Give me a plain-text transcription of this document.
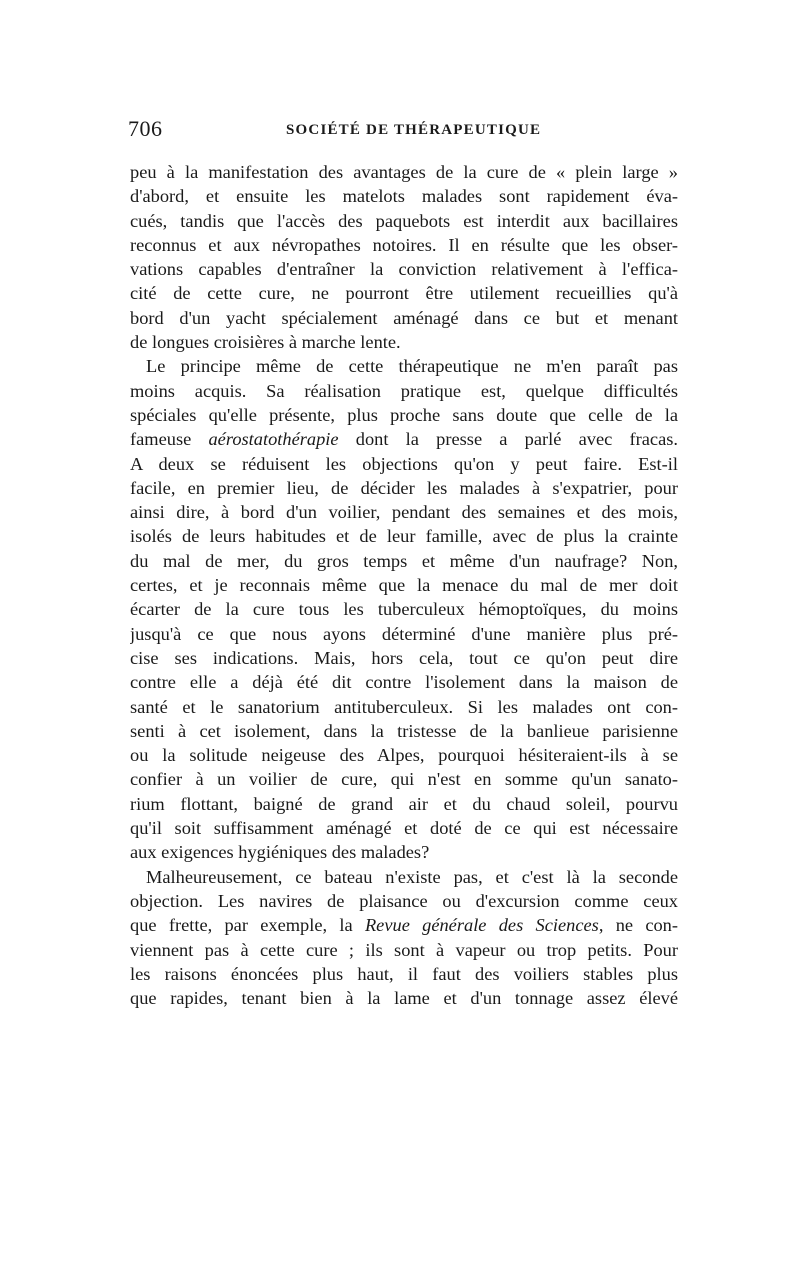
706	SOCIÉTÉ DE THÉRAPEUTIQUE
peu à la manifestation des avantages de la cure de « plein large »
d'abord, et ensuite les matelots malades sont rapidement éva-
cués, tandis que l'accès des paquebots est interdit aux bacillaires
reconnus et aux névropathes notoires. Il en résulte que les obser-
vations capables d'entraîner la conviction relativement à l'effica-
cité de cette cure, ne pourront être utilement recueillies qu'à
bord d'un yacht spécialement aménagé dans ce but et menant
de longues croisières à marche lente.
Le principe même de cette thérapeutique ne m'en paraît pas
moins acquis. Sa réalisation pratique est, quelque difficultés
spéciales qu'elle présente, plus proche sans doute que celle de la
fameuse aérostatothérapie dont la presse a parlé avec fracas.
A deux se réduisent les objections qu'on y peut faire. Est-il
facile, en premier lieu, de décider les malades à s'expatrier, pour
ainsi dire, à bord d'un voilier, pendant des semaines et des mois,
isolés de leurs habitudes et de leur famille, avec de plus la crainte
du mal de mer, du gros temps et même d'un naufrage? Non,
certes, et je reconnais même que la menace du mal de mer doit
écarter de la cure tous les tuberculeux hémoptoïques, du moins
jusqu'à ce que nous ayons déterminé d'une manière plus pré-
cise ses indications. Mais, hors cela, tout ce qu'on peut dire
contre elle a déjà été dit contre l'isolement dans la maison de
santé et le sanatorium antituberculeux. Si les malades ont con-
senti à cet isolement, dans la tristesse de la banlieue parisienne
ou la solitude neigeuse des Alpes, pourquoi hésiteraient-ils à se
confier à un voilier de cure, qui n'est en somme qu'un sanato-
rium flottant, baigné de grand air et du chaud soleil, pourvu
qu'il soit suffisamment aménagé et doté de ce qui est nécessaire
aux exigences hygiéniques des malades?
Malheureusement, ce bateau n'existe pas, et c'est là la seconde
objection. Les navires de plaisance ou d'excursion comme ceux
que frette, par exemple, la Revue générale des Sciences, ne con-
viennent pas à cette cure ; ils sont à vapeur ou trop petits. Pour
les raisons énoncées plus haut, il faut des voiliers stables plus
que rapides, tenant bien à la lame et d'un tonnage assez élevé
